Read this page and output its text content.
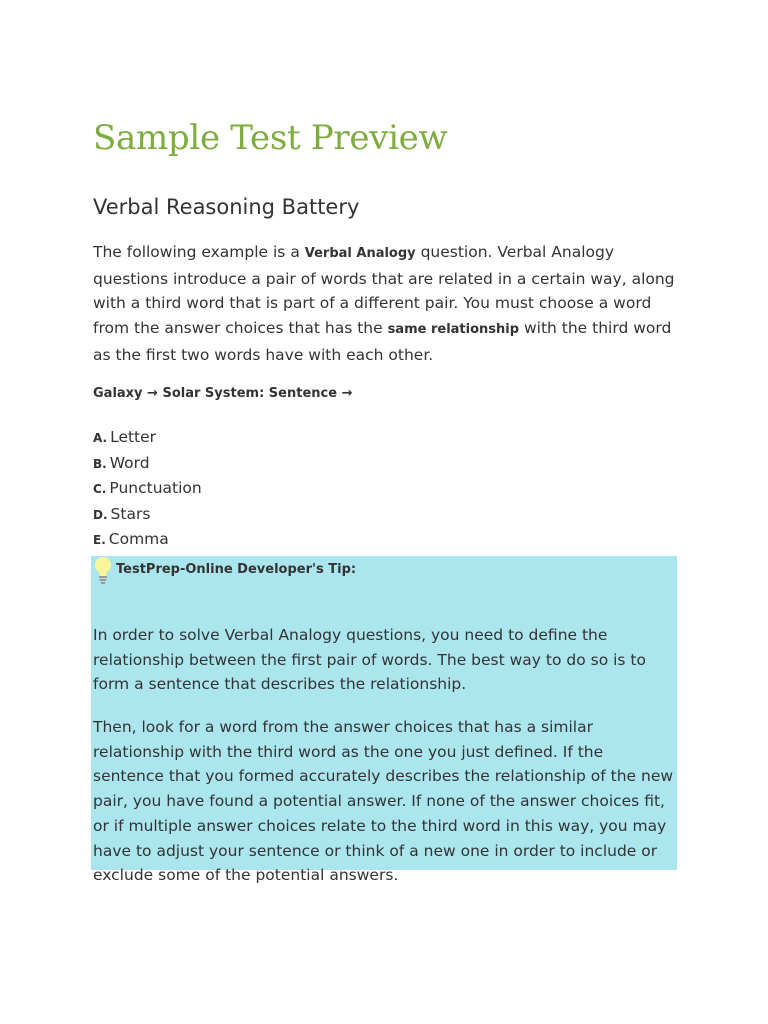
Sample Test Preview
Verbal Reasoning Battery

The following example is a Verbal Analogy question. Verbal Analogy questions introduce a pair of words that are related in a certain way, along with a third word that is part of a different pair. You must choose a word from the answer choices that has the same relationship with the third word as the first two words have with each other.

Galaxy → Solar System: Sentence →

A. Letter
B. Word
C. Punctuation
D. Stars
E. Comma

TestPrep-Online Developer's Tip:

In order to solve Verbal Analogy questions, you need to define the relationship between the first pair of words. The best way to do so is to form a sentence that describes the relationship.

Then, look for a word from the answer choices that has a similar relationship with the third word as the one you just defined. If the sentence that you formed accurately describes the relationship of the new pair, you have found a potential answer. If none of the answer choices fit, or if multiple answer choices relate to the third word in this way, you may have to adjust your sentence or think of a new one in order to include or exclude some of the potential answers.
